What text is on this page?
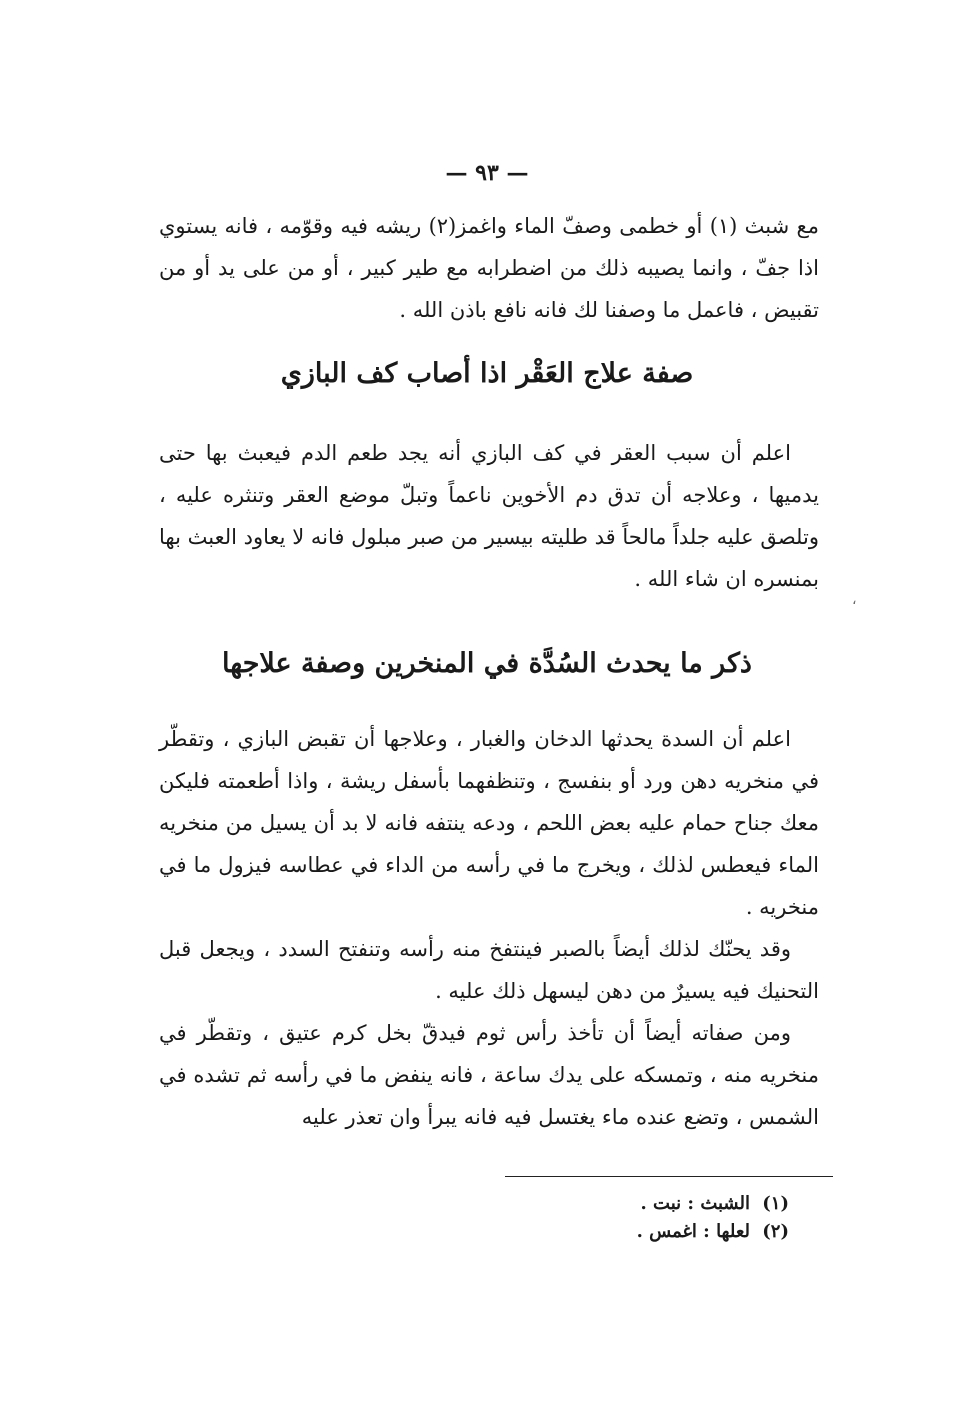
— ٩٣ —

مع شبث (١) أو خطمى وصفّ الماء واغمز(٢) ريشه فيه وقوّمه ، فانه يستوي اذا جفّ ، وانما يصيبه ذلك من اضطرابه مع طير كبير ، أو من على يد أو من تقبيض ، فاعمل ما وصفنا لك فانه نافع باذن الله .

صفة علاج العَقْر اذا أصاب كف البازي

اعلم أن سبب العقر في كف البازي أنه يجد طعم الدم فيعبث بها حتى يدميها ، وعلاجه أن تدق دم الأخوين ناعماً وتبلّ موضع العقر وتنثره عليه ، وتلصق عليه جلداً مالحاً قد طليته بيسير من صبر مبلول فانه لا يعاود العبث بها بمنسره ان شاء الله .

ذكر ما يحدث السُدَّة في المنخرين وصفة علاجها

اعلم أن السدة يحدثها الدخان والغبار ، وعلاجها أن تقبض البازي ، وتقطّر في منخريه دهن ورد أو بنفسج ، وتنظفهما بأسفل ريشة ، واذا أطعمته فليكن معك جناح حمام عليه بعض اللحم ، ودعه ينتفه فانه لا بد أن يسيل من منخريه الماء فيعطس لذلك ، ويخرج ما في رأسه من الداء في عطاسه فيزول ما في منخريه .

وقد يحنّك لذلك أيضاً بالصبر فينتفخ منه رأسه وتنفتح السدد ، ويجعل قبل التحنيك فيه يسيرٌ من دهن ليسهل ذلك عليه .

ومن صفاته أيضاً أن تأخذ رأس ثوم فيدقّ بخل كرم عتيق ، وتقطّر في منخريه منه ، وتمسكه على يدك ساعة ، فانه ينفض ما في رأسه ثم تشده في الشمس ، وتضع عنده ماء يغتسل فيه فانه يبرأ وان تعذر عليه

(١) الشبث : نبت .

(٢) لعلها : اغمس .

،
